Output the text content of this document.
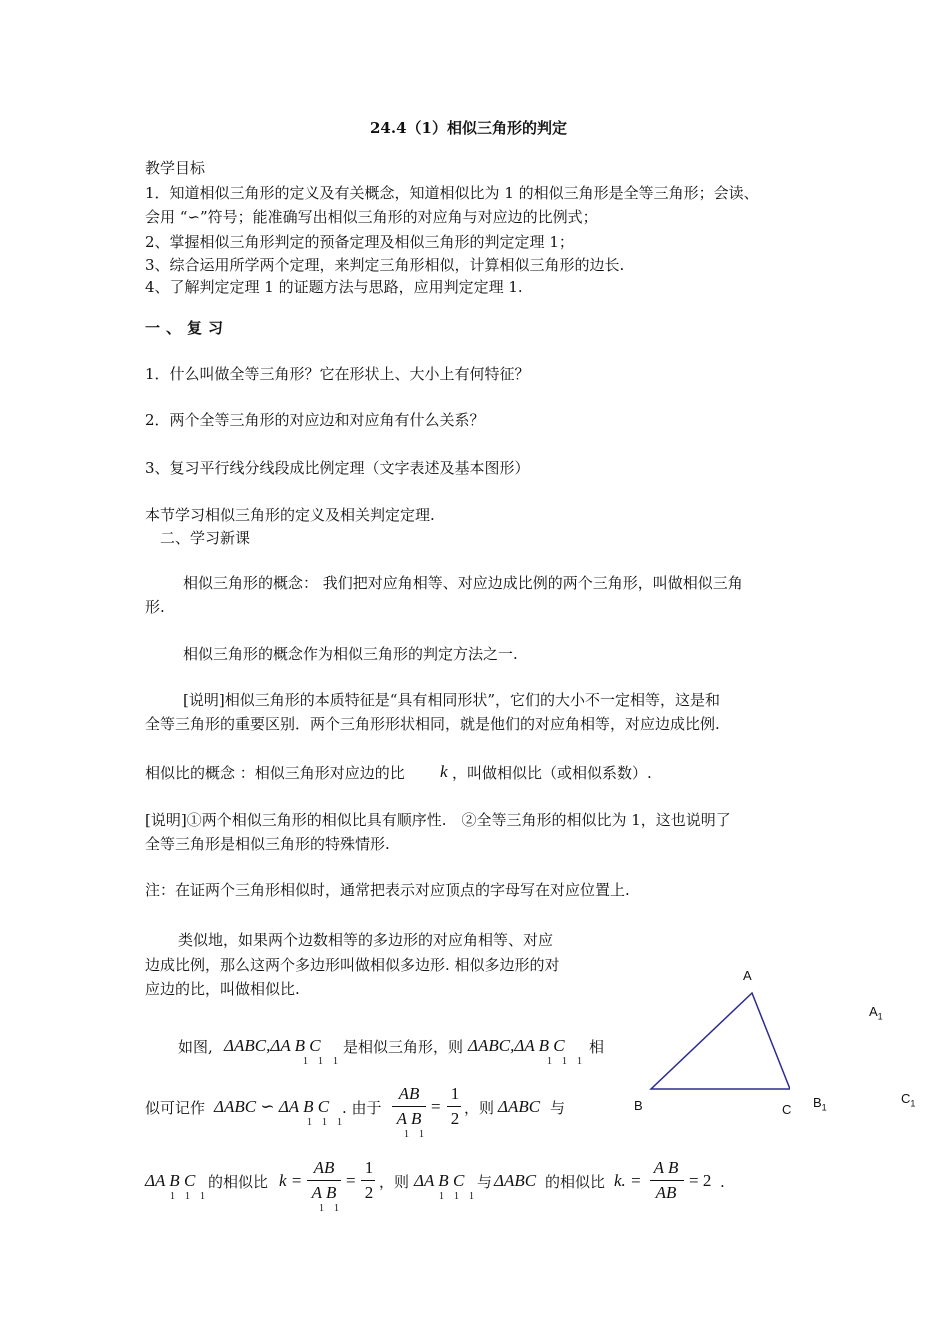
24.4（1）相似三角形的判定
教学目标
1．知道相似三角形的定义及有关概念，知道相似比为 1 的相似三角形是全等三角形；会读、
会用 “∽”符号；能准确写出相似三角形的对应角与对应边的比例式；
2、掌握相似三角形判定的预备定理及相似三角形的判定定理 1；
3、综合运用所学两个定理，来判定三角形相似，计算相似三角形的边长.
4、了解判定定理 1 的证题方法与思路，应用判定定理 1.
一、复习
1．什么叫做全等三角形？它在形状上、大小上有何特征？
2．两个全等三角形的对应边和对应角有什么关系？
3、复习平行线分线段成比例定理（文字表述及基本图形）
本节学习相似三角形的定义及相关判定定理.
二、学习新课
相似三角形的概念： 我们把对应角相等、对应边成比例的两个三角形，叫做相似三角
形.
相似三角形的概念作为相似三角形的判定方法之一.
[说明]相似三角形的本质特征是“具有相同形状”，它们的大小不一定相等，这是和
全等三角形的重要区别．两个三角形形状相同，就是他们的对应角相等，对应边成比例.
相似比的概念 ：相似三角形对应边的比 k ，叫做相似比（或相似系数）.
[说明]①两个相似三角形的相似比具有顺序性.　②全等三角形的相似比为 1，这也说明了
全等三角形是相似三角形的特殊情形.
注：在证两个三角形相似时，通常把表示对应顶点的字母写在对应位置上.
类似地，如果两个边数相等的多边形的对应角相等、对应
边成比例，那么这两个多边形叫做相似多边形. 相似多边形的对
应边的比，叫做相似比.
如图, ΔABC,ΔA B C
1 1 1
是相似三角形，则 ΔABC,ΔA B C
1 1 1
相
似可记作 ΔABC ∽ ΔA B C
1 1 1
. 由于
AB
A B
1 1
=
1
2
，则 ΔABC 与
ΔA B C
1 1 1
的相似比 k =
AB
A B
1 1
=
1
2
，则 ΔA B C
1 1 1
与 ΔABC 的相似比 k. =
A B
AB
= 2 .
A
B	C
$A_1$
$B_1$
$C_1$
